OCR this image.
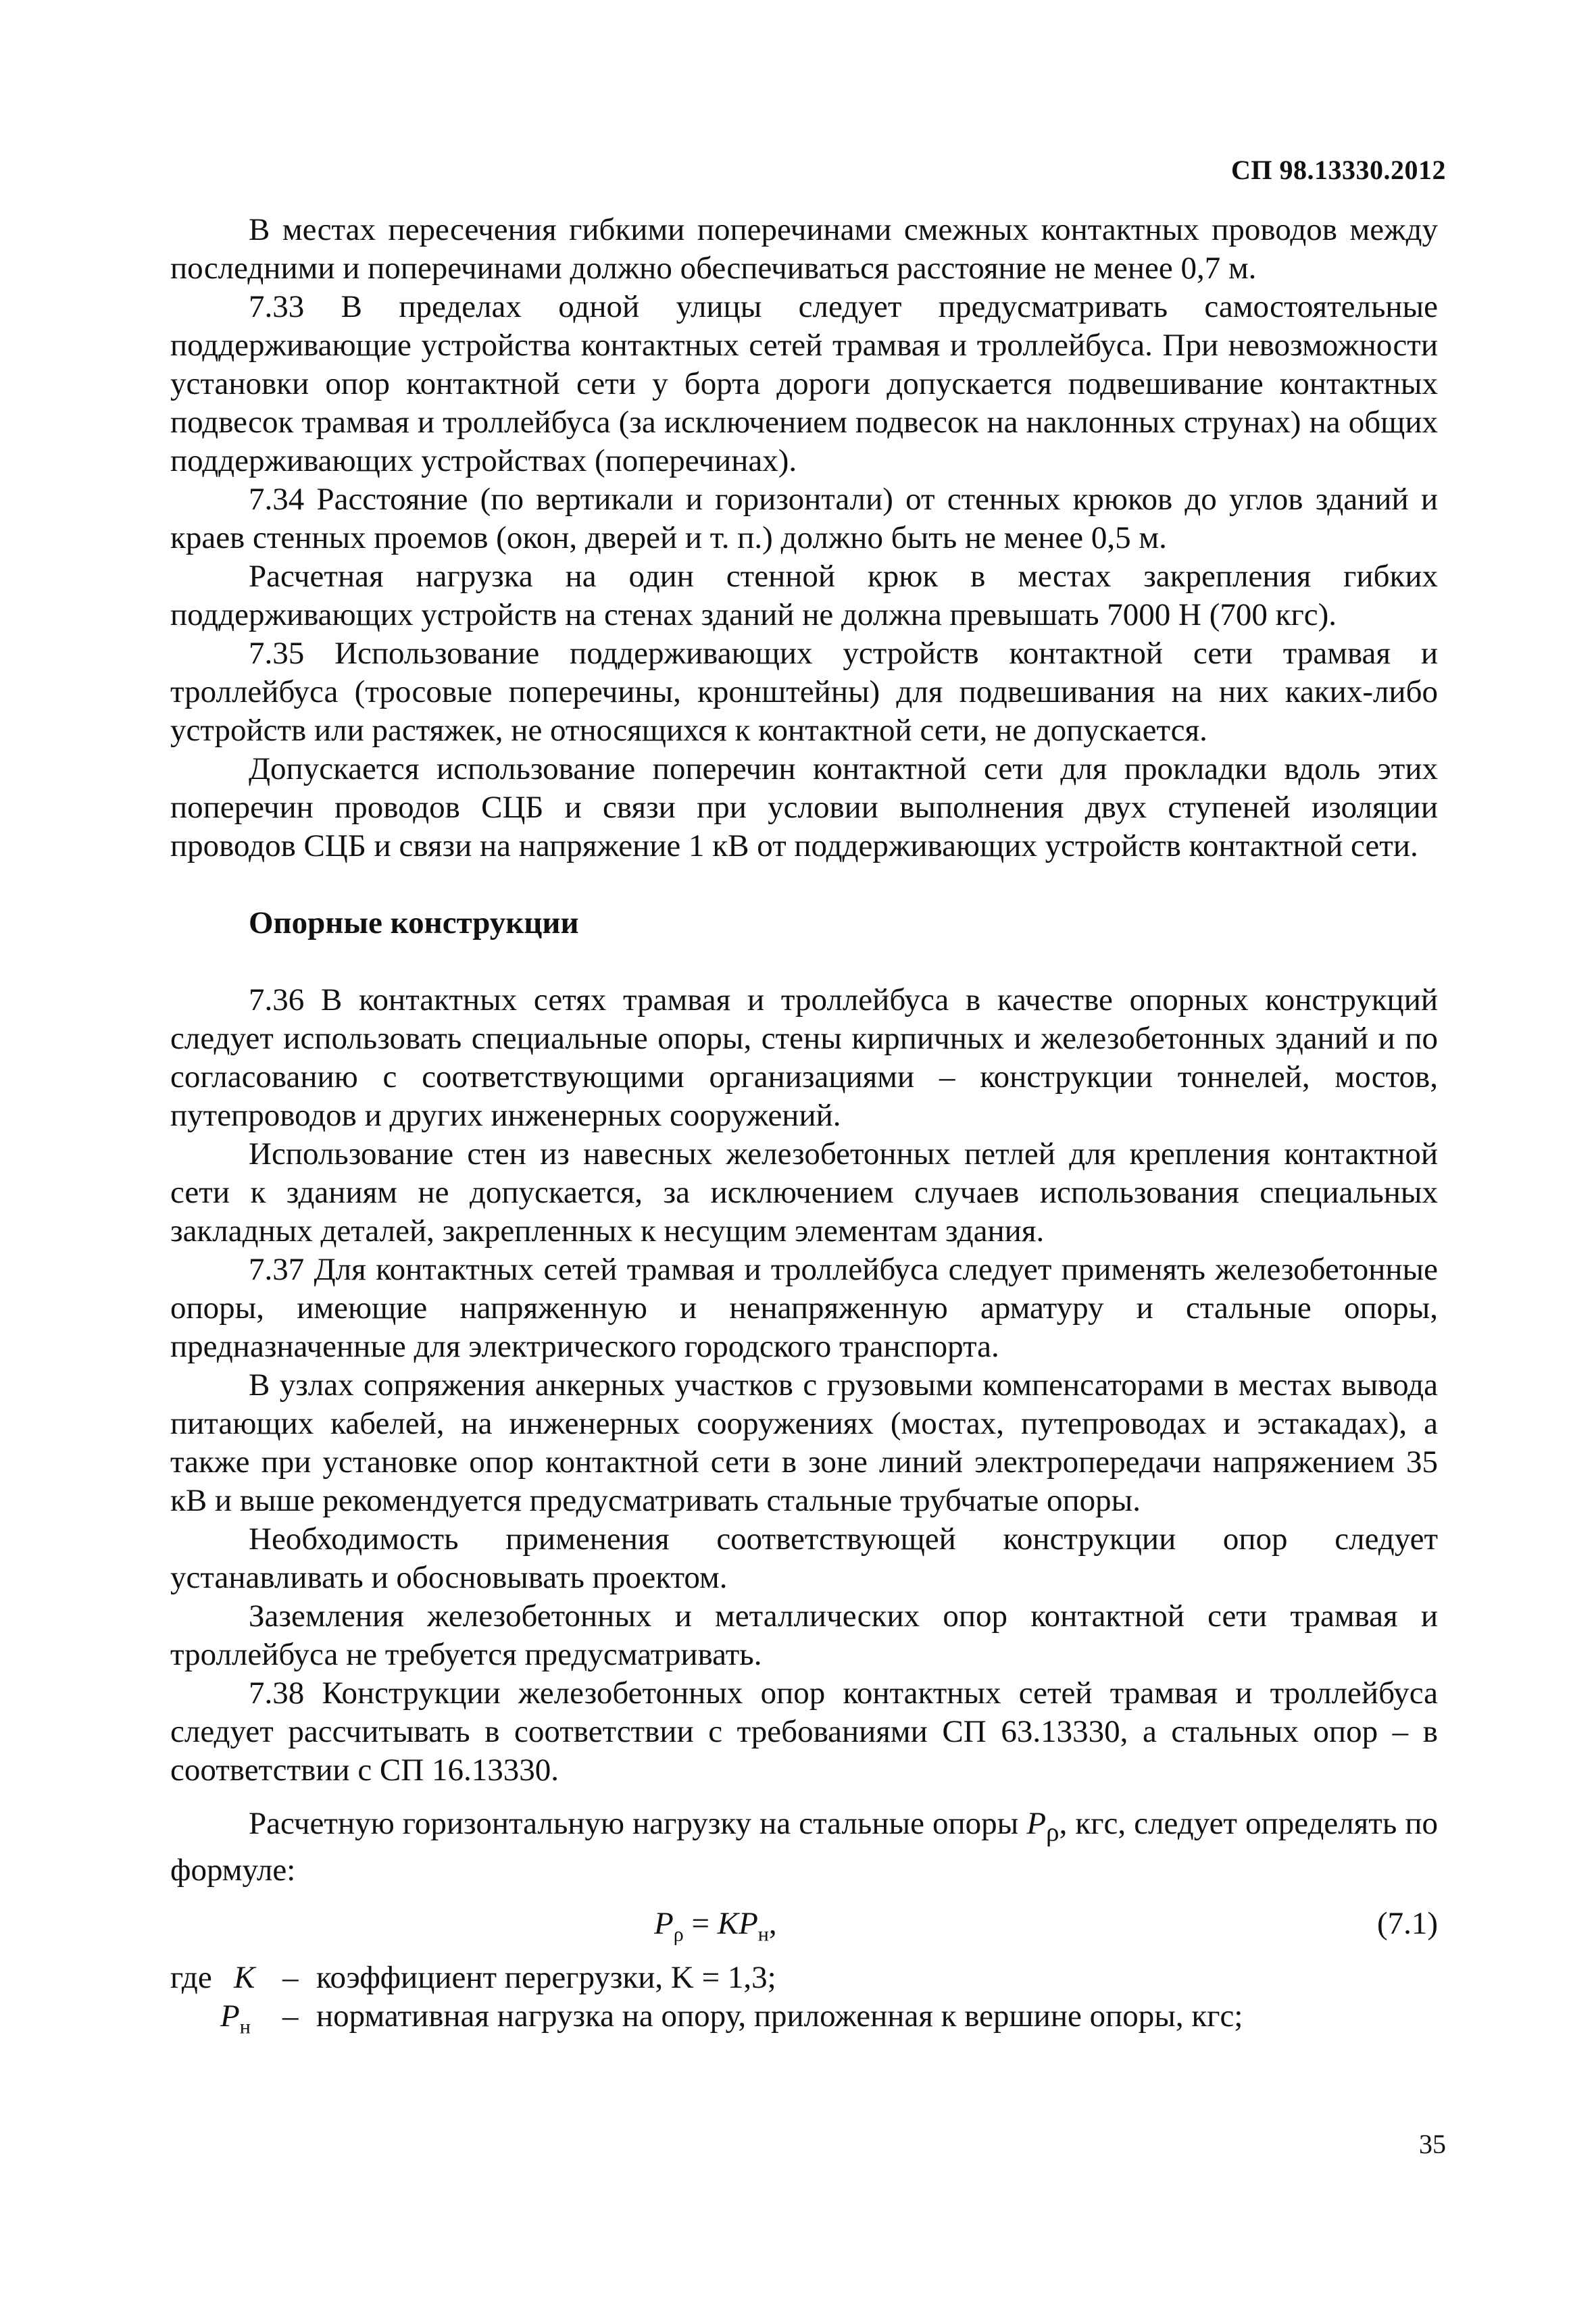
СП 98.13330.2012

В местах пересечения гибкими поперечинами смежных контактных проводов между последними и поперечинами должно обеспечиваться расстояние не менее 0,7 м.

7.33 В пределах одной улицы следует предусматривать самостоятельные поддерживающие устройства контактных сетей трамвая и троллейбуса. При невозможности установки опор контактной сети у борта дороги допускается подвешивание контактных подвесок трамвая и троллейбуса (за исключением подвесок на наклонных струнах) на общих поддерживающих устройствах (поперечинах).

7.34 Расстояние (по вертикали и горизонтали) от стенных крюков до углов зданий и краев стенных проемов (окон, дверей и т. п.) должно быть не менее 0,5 м.

Расчетная нагрузка на один стенной крюк в местах закрепления гибких поддерживающих устройств на стенах зданий не должна превышать 7000 Н (700 кгс).

7.35 Использование поддерживающих устройств контактной сети трамвая и троллейбуса (тросовые поперечины, кронштейны) для подвешивания на них каких-либо устройств или растяжек, не относящихся к контактной сети, не допускается.

Допускается использование поперечин контактной сети для прокладки вдоль этих поперечин проводов СЦБ и связи при условии выполнения двух ступеней изоляции проводов СЦБ и связи на напряжение 1 кВ от поддерживающих устройств контактной сети.

Опорные конструкции

7.36 В контактных сетях трамвая и троллейбуса в качестве опорных конструкций следует использовать специальные опоры, стены кирпичных и железобетонных зданий и по согласованию с соответствующими организациями – конструкции тоннелей, мостов, путепроводов и других инженерных сооружений.

Использование стен из навесных железобетонных петлей для крепления контактной сети к зданиям не допускается, за исключением случаев использования специальных закладных деталей, закрепленных к несущим элементам здания.

7.37 Для контактных сетей трамвая и троллейбуса следует применять железобетонные опоры, имеющие напряженную и ненапряженную арматуру и стальные опоры, предназначенные для электрического городского транспорта.

В узлах сопряжения анкерных участков с грузовыми компенсаторами в местах вывода питающих кабелей, на инженерных сооружениях (мостах, путепроводах и эстакадах), а также при установке опор контактной сети в зоне линий электропередачи напряжением 35 кВ и выше рекомендуется предусматривать стальные трубчатые опоры.

Необходимость применения соответствующей конструкции опор следует устанавливать и обосновывать проектом.

Заземления железобетонных и металлических опор контактной сети трамвая и троллейбуса не требуется предусматривать.

7.38 Конструкции железобетонных опор контактных сетей трамвая и троллейбуса следует рассчитывать в соответствии с требованиями СП 63.13330, а стальных опор – в соответствии с СП 16.13330.

Расчетную горизонтальную нагрузку на стальные опоры $P_\rho$, кгс, следует определять по формуле:

$P_\rho = KP_н$,	(7.1)
где K – коэффициент перегрузки, K = 1,3;
$P_н$ – нормативная нагрузка на опору, приложенная к вершине опоры, кгс;
35
